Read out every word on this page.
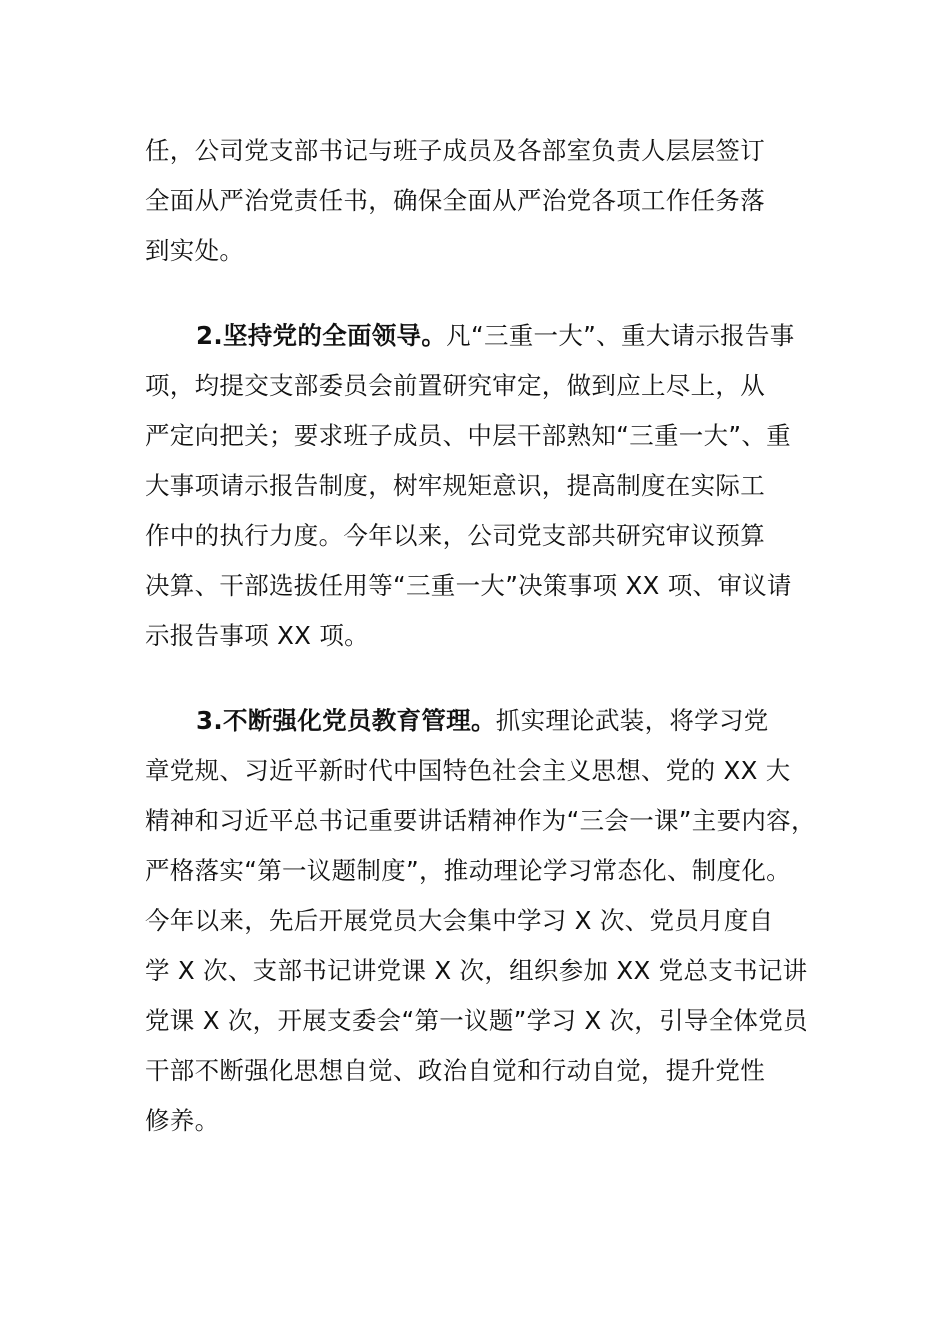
任，公司党支部书记与班子成员及各部室负责人层层签订
全面从严治党责任书，确保全面从严治党各项工作任务落
到实处。
2.坚持党的全面领导。凡“三重一大”、重大请示报告事
项，均提交支部委员会前置研究审定，做到应上尽上，从
严定向把关；要求班子成员、中层干部熟知“三重一大”、重
大事项请示报告制度，树牢规矩意识，提高制度在实际工
作中的执行力度。今年以来，公司党支部共研究审议预算
决算、干部选拔任用等“三重一大”决策事项 XX 项、审议请
示报告事项 XX 项。
3.不断强化党员教育管理。抓实理论武装，将学习党
章党规、习近平新时代中国特色社会主义思想、党的 XX 大
精神和习近平总书记重要讲话精神作为“三会一课”主要内容，
严格落实“第一议题制度”，推动理论学习常态化、制度化。
今年以来，先后开展党员大会集中学习 X 次、党员月度自
学 X 次、支部书记讲党课 X 次，组织参加 XX 党总支书记讲
党课 X 次，开展支委会“第一议题”学习 X 次，引导全体党员
干部不断强化思想自觉、政治自觉和行动自觉，提升党性
修养。
